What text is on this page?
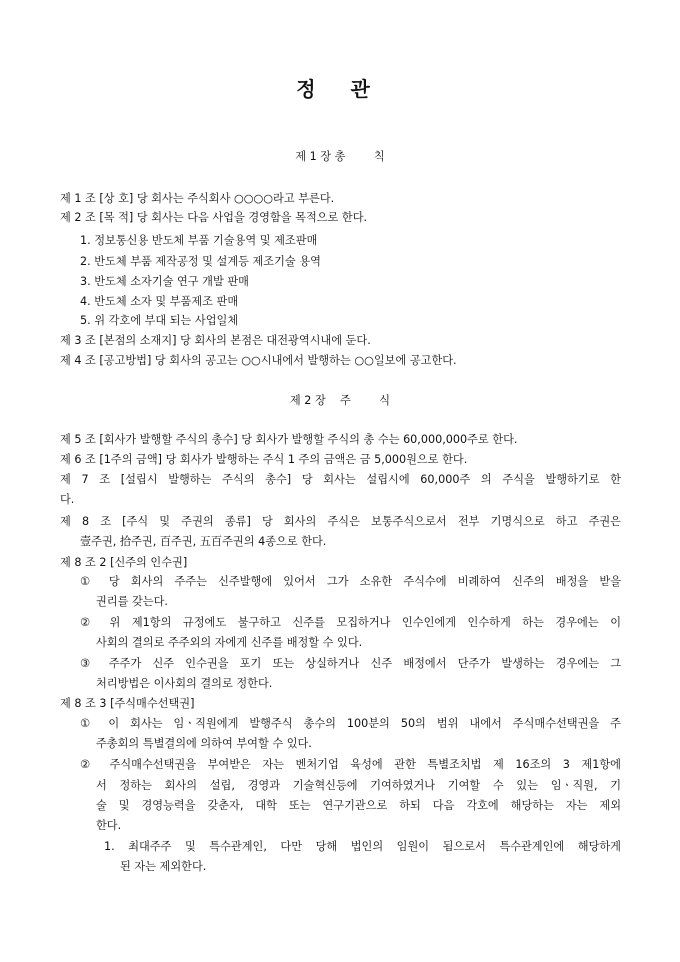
정 관

제 1 장 총        칙

제 1 조 [상 호] 당 회사는 주식회사 ○○○○라고 부른다.

제 2 조 [목 적] 당 회사는 다음 사업을 경영함을 목적으로 한다.

1. 정보통신용 반도체 부품 기술용역 및 제조판매

2. 반도체 부품 제작공정 및 설계등 제조기술 용역

3. 반도체 소자기술 연구 개발 판매

4. 반도체 소자 및 부품제조 판매

5. 위 각호에 부대 되는 사업일체

제 3 조 [본점의 소재지] 당 회사의 본점은 대전광역시내에 둔다.

제 4 조 [공고방법] 당 회사의 공고는 ○○시내에서 발행하는 ○○일보에 공고한다.

제 2 장    주        식

제 5 조 [회사가 발행할 주식의 총수] 당 회사가 발행할 주식의 총 수는 60,000,000주로 한다.

제 6 조 [1주의 금액] 당 회사가 발행하는 주식 1 주의 금액은 금 5,000원으로 한다.

제 7 조 [설립시 발행하는 주식의 총수] 당 회사는 설립시에 60,000주 의 주식을 발행하기로 한

다.

제 8 조 [주식 및 주권의 종류] 당 회사의 주식은 보통주식으로서 전부 기명식으로 하고 주권은

壹주권, 拾주권, 百주권, 五百주권의 4종으로 한다.

제 8 조 2 [신주의 인수권]

① 당 회사의 주주는 신주발행에 있어서 그가 소유한 주식수에 비례하여 신주의 배정을 받을

권리를 갖는다.

② 위 제1항의 규정에도 불구하고 신주를 모집하거나 인수인에게 인수하게 하는 경우에는 이

사회의 결의로 주주외의 자에게 신주를 배정할 수 있다.

③ 주주가 신주 인수권을 포기 또는 상실하거나 신주 배정에서 단주가 발생하는 경우에는 그

처리방법은 이사회의 결의로 정한다.

제 8 조 3 [주식매수선택권]

① 이 회사는 임ㆍ직원에게 발행주식 총수의 100분의 50의 범위 내에서 주식매수선택권을 주

주총회의 특별결의에 의하여 부여할 수 있다.

② 주식매수선택권을 부여받은 자는 벤처기업 육성에 관한 특별조치법 제 16조의 3 제1항에

서 정하는 회사의 설립, 경영과 기술혁신등에 기여하였거나 기여할 수 있는 임ㆍ직원, 기

술 및 경영능력을 갖춘자, 대학 또는 연구기관으로 하되 다음 각호에 해당하는 자는 제외

한다.

1. 최대주주 및 특수관계인, 다만 당해 법인의 임원이 됨으로서 특수관계인에 해당하게

된 자는 제외한다.
